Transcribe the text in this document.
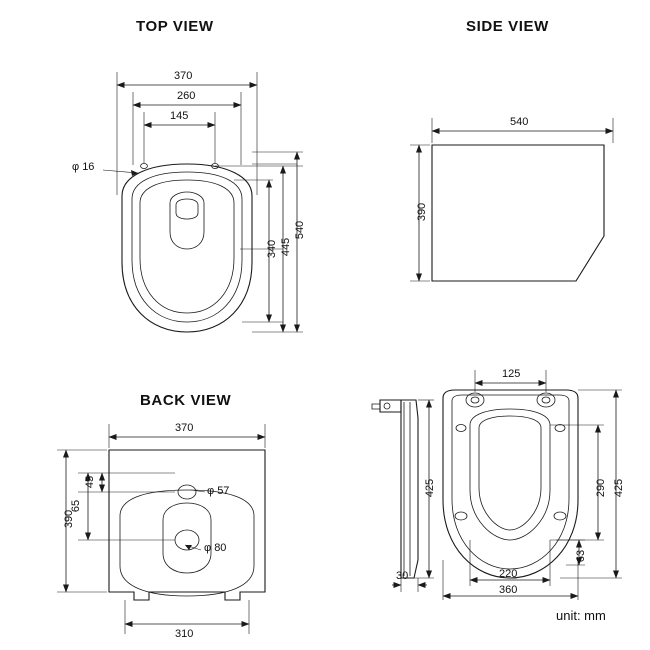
TOP VIEW	SIDE VIEW
BACK VIEW
unit: mm
370
260
145
φ 16
540
445
340
540
390
370
390
45
65
φ 57
φ 80
310
125
30
425	425
290
63
220
360
